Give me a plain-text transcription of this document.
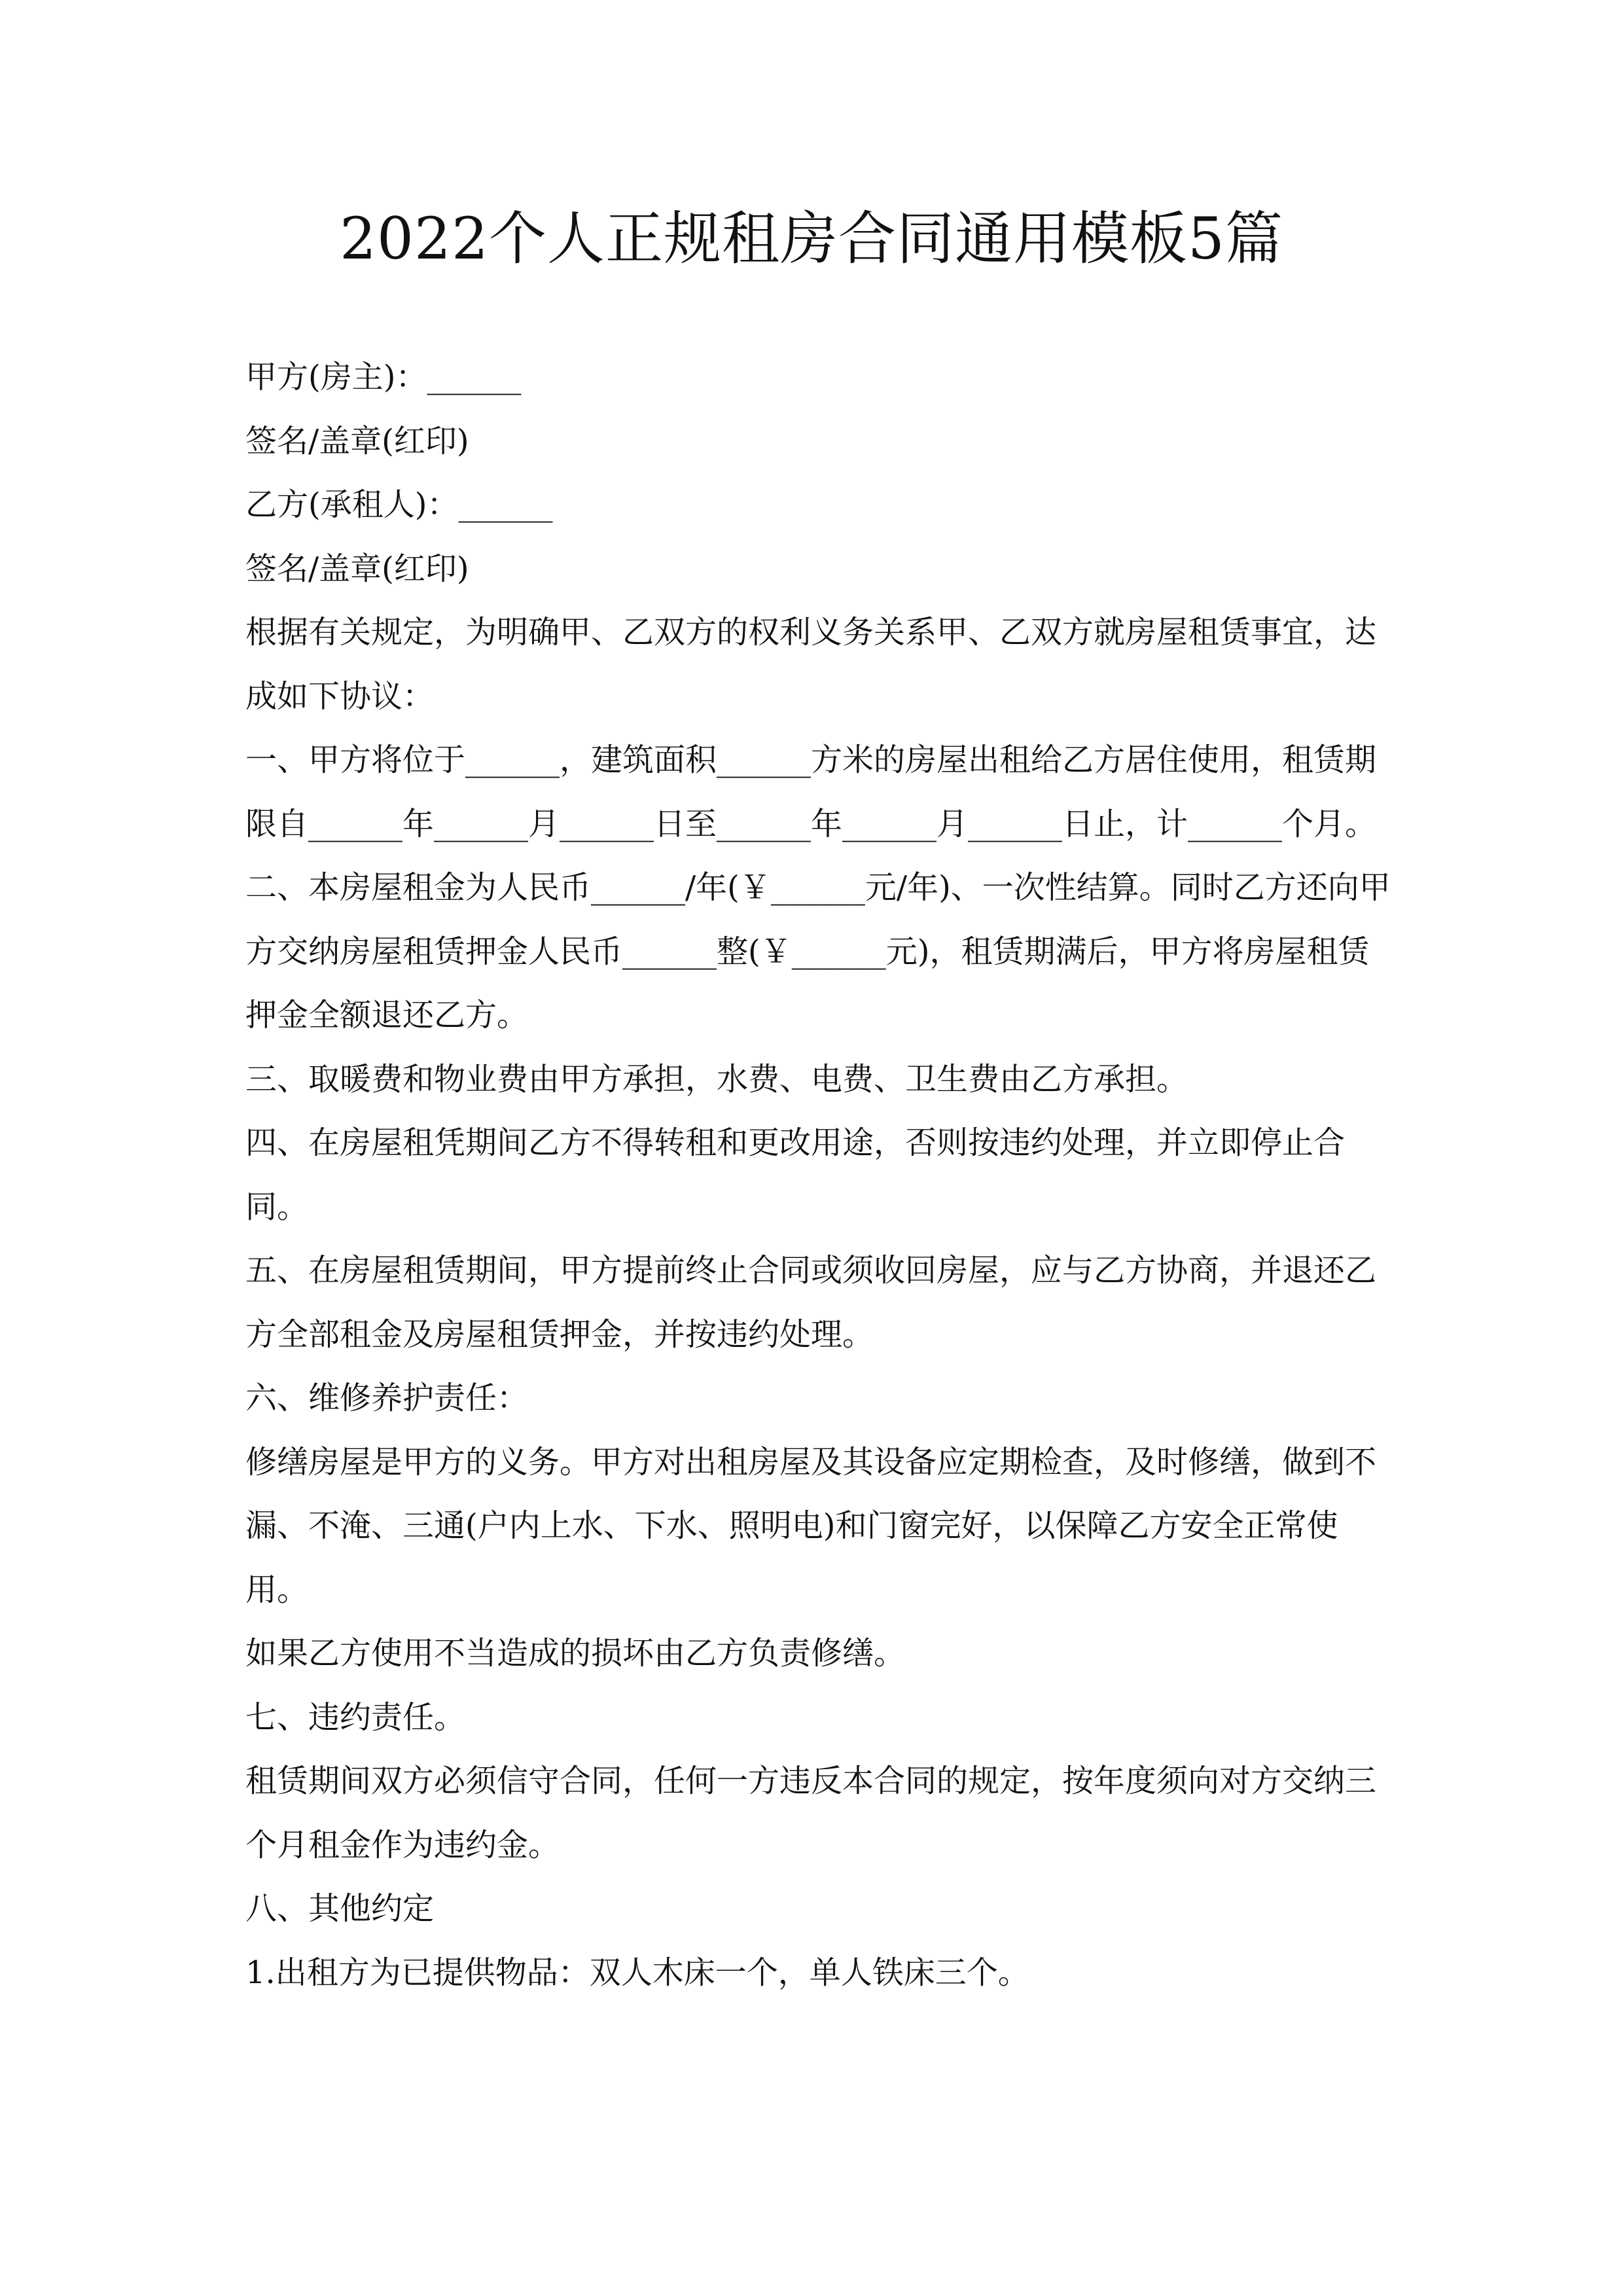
2022个人正规租房合同通用模板5篇

甲方(房主)：______

签名/盖章(红印)

乙方(承租人)：______

签名/盖章(红印)

根据有关规定，为明确甲、乙双方的权利义务关系甲、乙双方就房屋租赁事宜，达成如下协议：

一、甲方将位于______，建筑面积______方米的房屋出租给乙方居住使用，租赁期限自______年______月______日至______年______月______日止，计______个月。

二、本房屋租金为人民币______/年(￥______元/年)、一次性结算。同时乙方还向甲方交纳房屋租赁押金人民币______整(￥______元)，租赁期满后，甲方将房屋租赁押金全额退还乙方。

三、取暖费和物业费由甲方承担，水费、电费、卫生费由乙方承担。

四、在房屋租凭期间乙方不得转租和更改用途，否则按违约处理，并立即停止合同。

五、在房屋租赁期间，甲方提前终止合同或须收回房屋，应与乙方协商，并退还乙方全部租金及房屋租赁押金，并按违约处理。

六、维修养护责任：

修缮房屋是甲方的义务。甲方对出租房屋及其设备应定期检查，及时修缮，做到不漏、不淹、三通(户内上水、下水、照明电)和门窗完好，以保障乙方安全正常使用。

如果乙方使用不当造成的损坏由乙方负责修缮。

七、违约责任。

租赁期间双方必须信守合同，任何一方违反本合同的规定，按年度须向对方交纳三个月租金作为违约金。

八、其他约定

1.出租方为已提供物品：双人木床一个，单人铁床三个。
